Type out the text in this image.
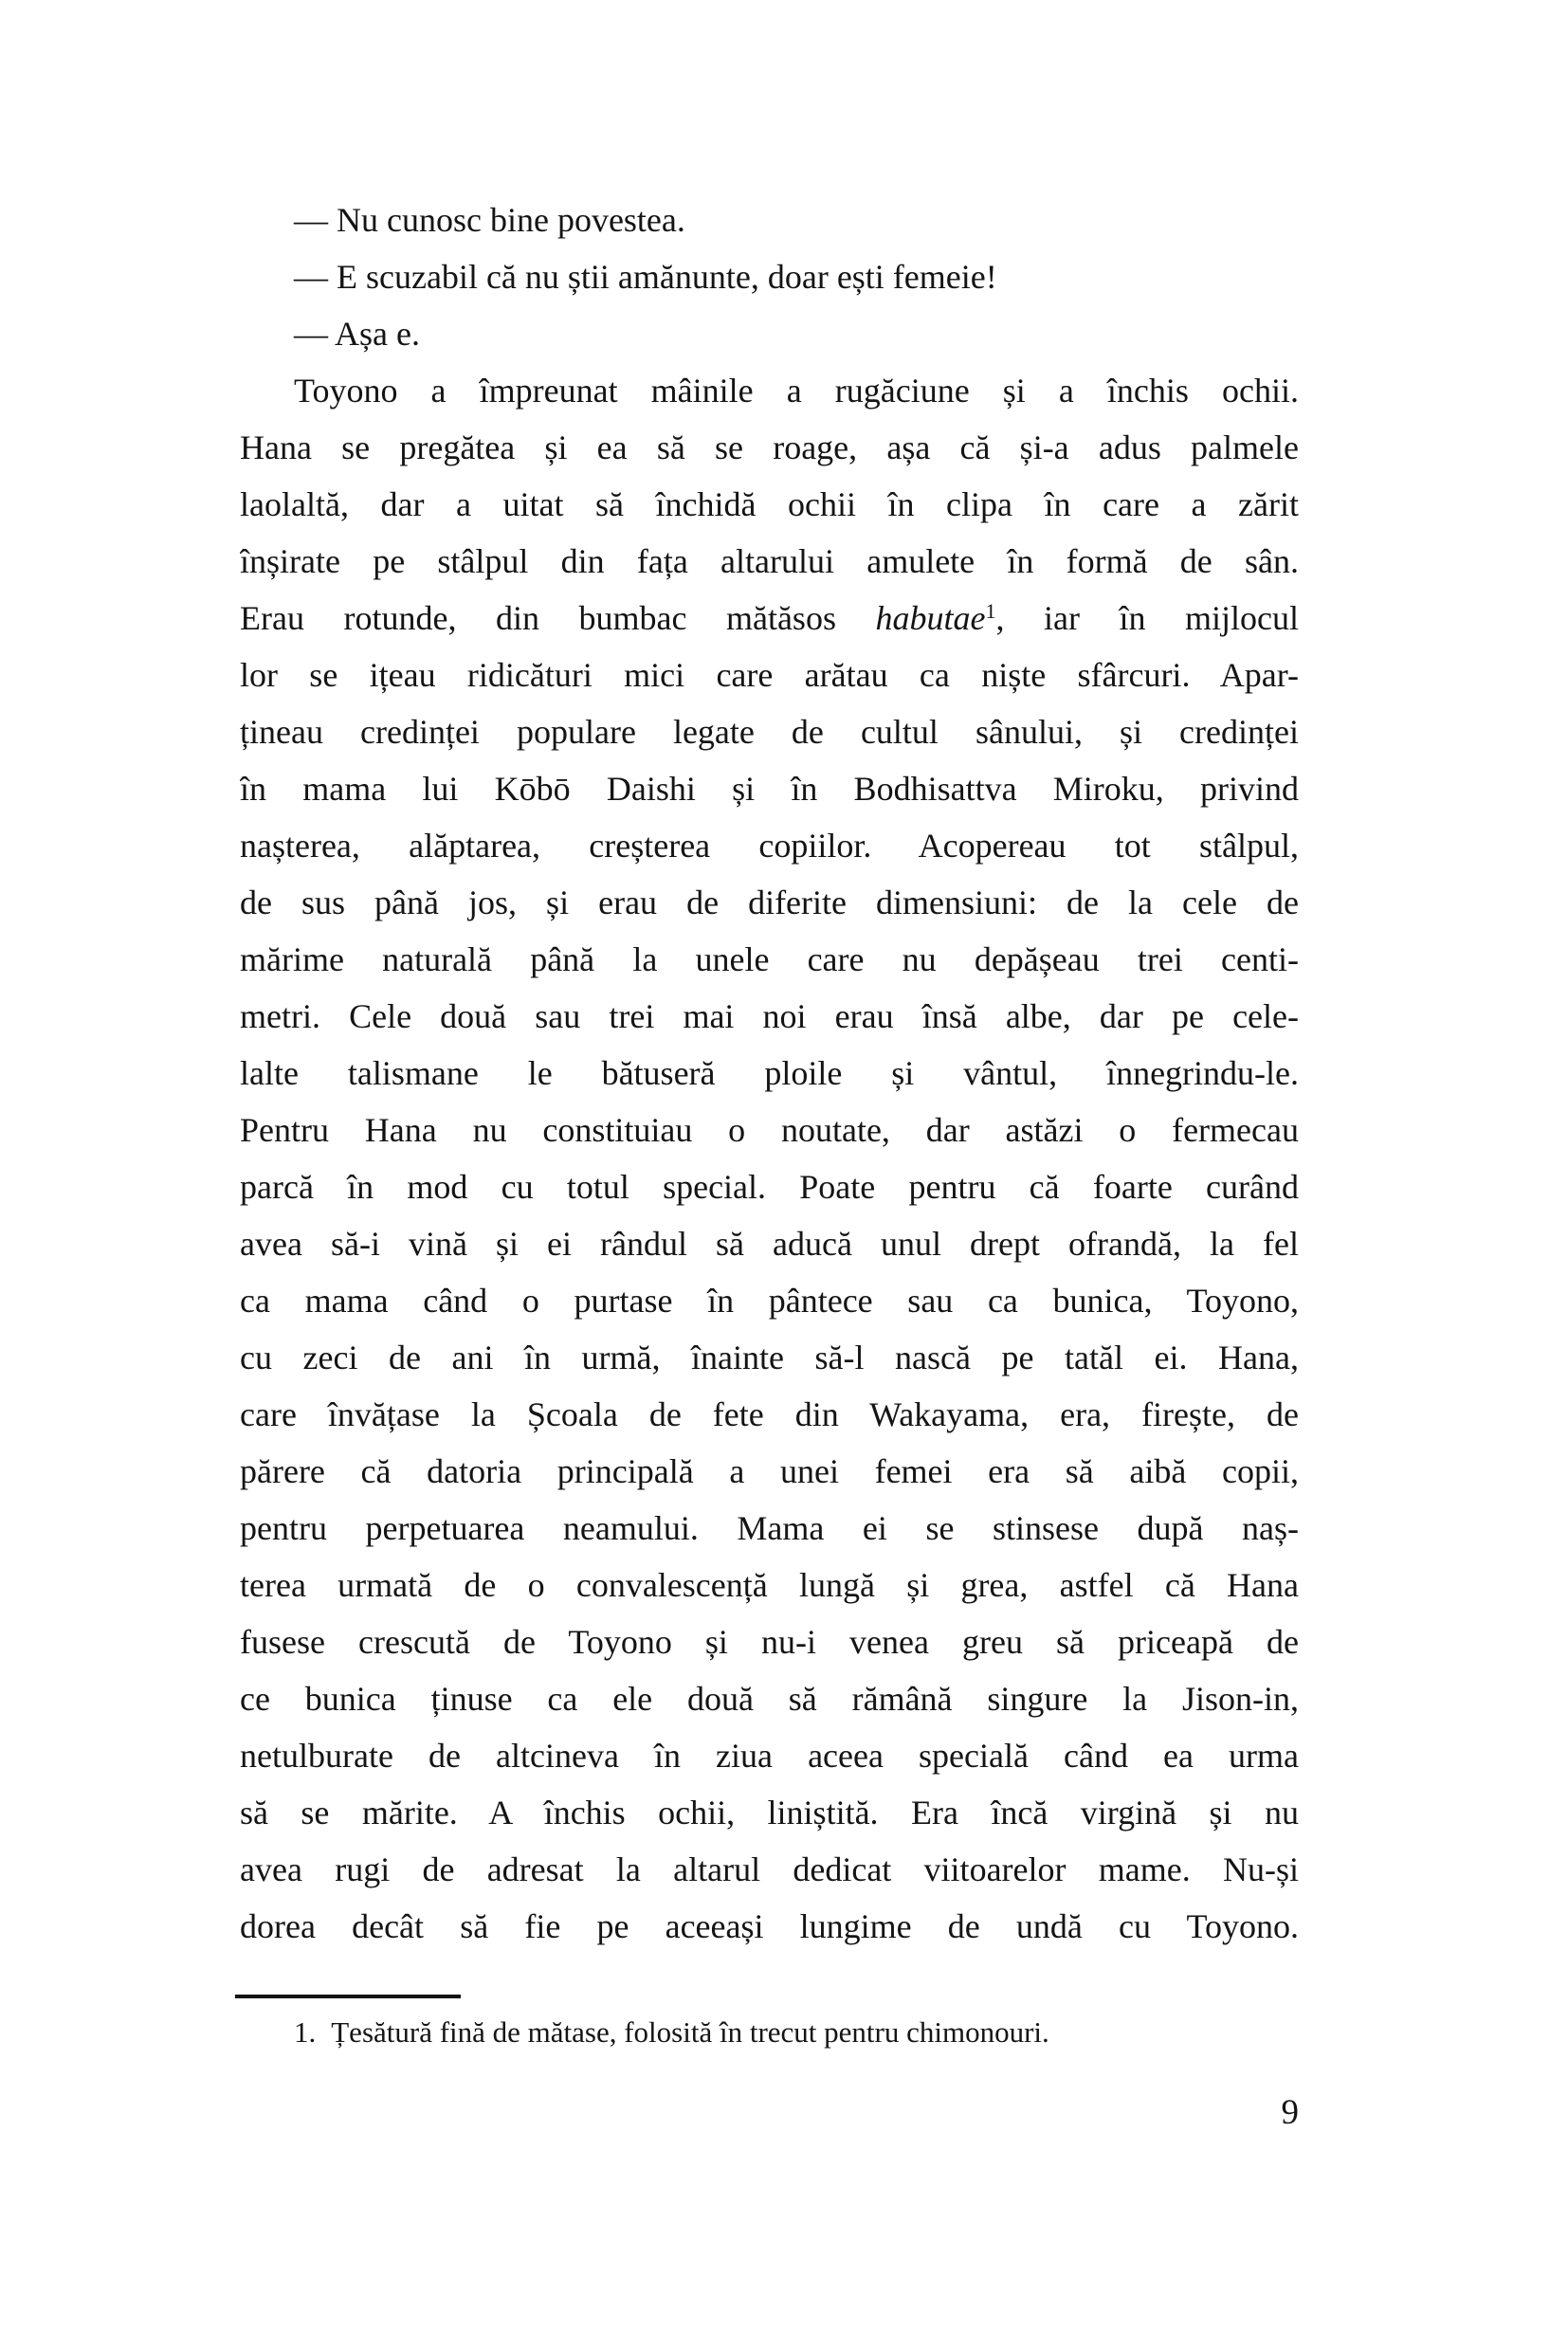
— Nu cunosc bine povestea.
— E scuzabil că nu știi amănunte, doar ești femeie!
— Așa e.
Toyono a împreunat mâinile a rugăciune și a închis ochii.
Hana se pregătea și ea să se roage, așa că și-a adus palmele
laolaltă, dar a uitat să închidă ochii în clipa în care a zărit
înșirate pe stâlpul din fața altarului amulete în formă de sân.
Erau rotunde, din bumbac mătăsos habutae$^1$, iar în mijlocul
lor se ițeau ridicături mici care arătau ca niște sfârcuri. Apar-
țineau credinței populare legate de cultul sânului, și credinței
în mama lui Kōbō Daishi și în Bodhisattva Miroku, privind
nașterea, alăptarea, creșterea copiilor. Acopereau tot stâlpul,
de sus până jos, și erau de diferite dimensiuni: de la cele de
mărime naturală până la unele care nu depășeau trei centi-
metri. Cele două sau trei mai noi erau însă albe, dar pe cele-
lalte talismane le bătuseră ploile și vântul, înnegrindu-le.
Pentru Hana nu constituiau o noutate, dar astăzi o fermecau
parcă în mod cu totul special. Poate pentru că foarte curând
avea să-i vină și ei rândul să aducă unul drept ofrandă, la fel
ca mama când o purtase în pântece sau ca bunica, Toyono,
cu zeci de ani în urmă, înainte să-l nască pe tatăl ei. Hana,
care învățase la Școala de fete din Wakayama, era, firește, de
părere că datoria principală a unei femei era să aibă copii,
pentru perpetuarea neamului. Mama ei se stinsese după naș-
terea urmată de o convalescență lungă și grea, astfel că Hana
fusese crescută de Toyono și nu-i venea greu să priceapă de
ce bunica ținuse ca ele două să rămână singure la Jison-in,
netulburate de altcineva în ziua aceea specială când ea urma
să se mărite. A închis ochii, liniștită. Era încă virgină și nu
avea rugi de adresat la altarul dedicat viitoarelor mame. Nu-și
dorea decât să fie pe aceeași lungime de undă cu Toyono.
1. Țesătură fină de mătase, folosită în trecut pentru chimonouri.
9
